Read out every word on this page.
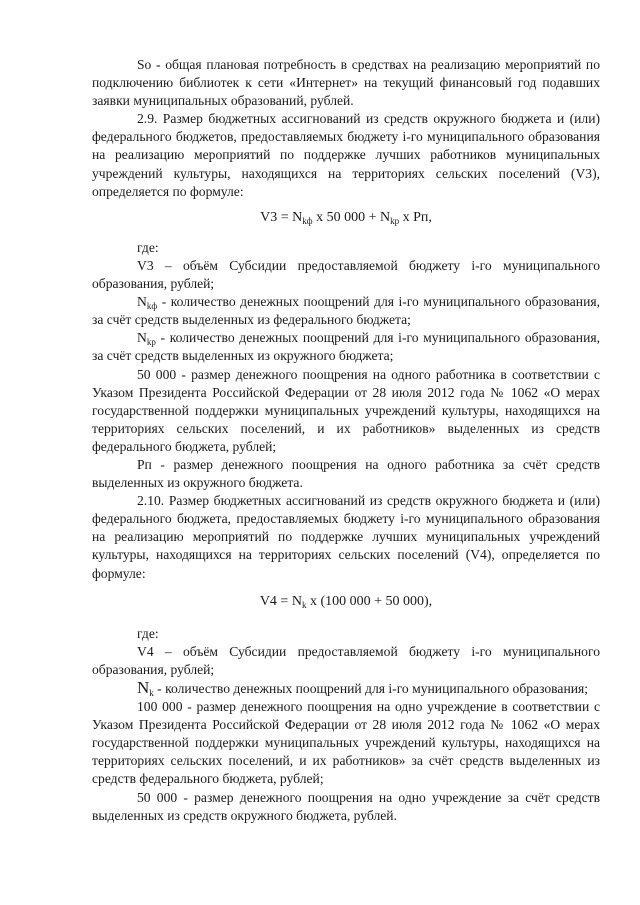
So - общая плановая потребность в средствах на реализацию мероприятий по подключению библиотек к сети «Интернет» на текущий финансовый год подавших заявки муниципальных образований, рублей.

2.9. Размер бюджетных ассигнований из средств окружного бюджета и (или) федерального бюджетов, предоставляемых бюджету i-го муниципального образования на реализацию мероприятий по поддержке лучших работников муниципальных учреждений культуры, находящихся на территориях сельских поселений (V3), определяется по формуле:

$V3 = N_{kф}$ х 50 $000 + N_{kр}$ х Pп,

где:

V3 – объём Субсидии предоставляемой бюджету i-го муниципального образования, рублей;

$N_{kф}$ - количество денежных поощрений для i-го муниципального образования, за счёт средств выделенных из федерального бюджета;

$N_{kр}$ - количество денежных поощрений для i-го муниципального образования, за счёт средств выделенных из окружного бюджета;

50 000 - размер денежного поощрения на одного работника в соответствии с Указом Президента Российской Федерации от 28 июля 2012 года № 1062 «О мерах государственной поддержки муниципальных учреждений культуры, находящихся на территориях сельских поселений, и их работников» выделенных из средств федерального бюджета, рублей;

Pп - размер денежного поощрения на одного работника за счёт средств выделенных из окружного бюджета.

2.10. Размер бюджетных ассигнований из средств окружного бюджета и (или) федерального бюджета, предоставляемых бюджету i-го муниципального образования на реализацию мероприятий по поддержке лучших муниципальных учреждений культуры, находящихся на территориях сельских поселений (V4), определяется по формуле:

$V4 = N_k$ х (100 000 + 50 000),

где:

V4 – объём Субсидии предоставляемой бюджету i-го муниципального образования, рублей;

$N_k$ - количество денежных поощрений для i-го муниципального образования;

100 000 - размер денежного поощрения на одно учреждение в соответствии с Указом Президента Российской Федерации от 28 июля 2012 года № 1062 «О мерах государственной поддержки муниципальных учреждений культуры, находящихся на территориях сельских поселений, и их работников» за счёт средств выделенных из средств федерального бюджета, рублей;

50 000 - размер денежного поощрения на одно учреждение за счёт средств выделенных из средств окружного бюджета, рублей.
